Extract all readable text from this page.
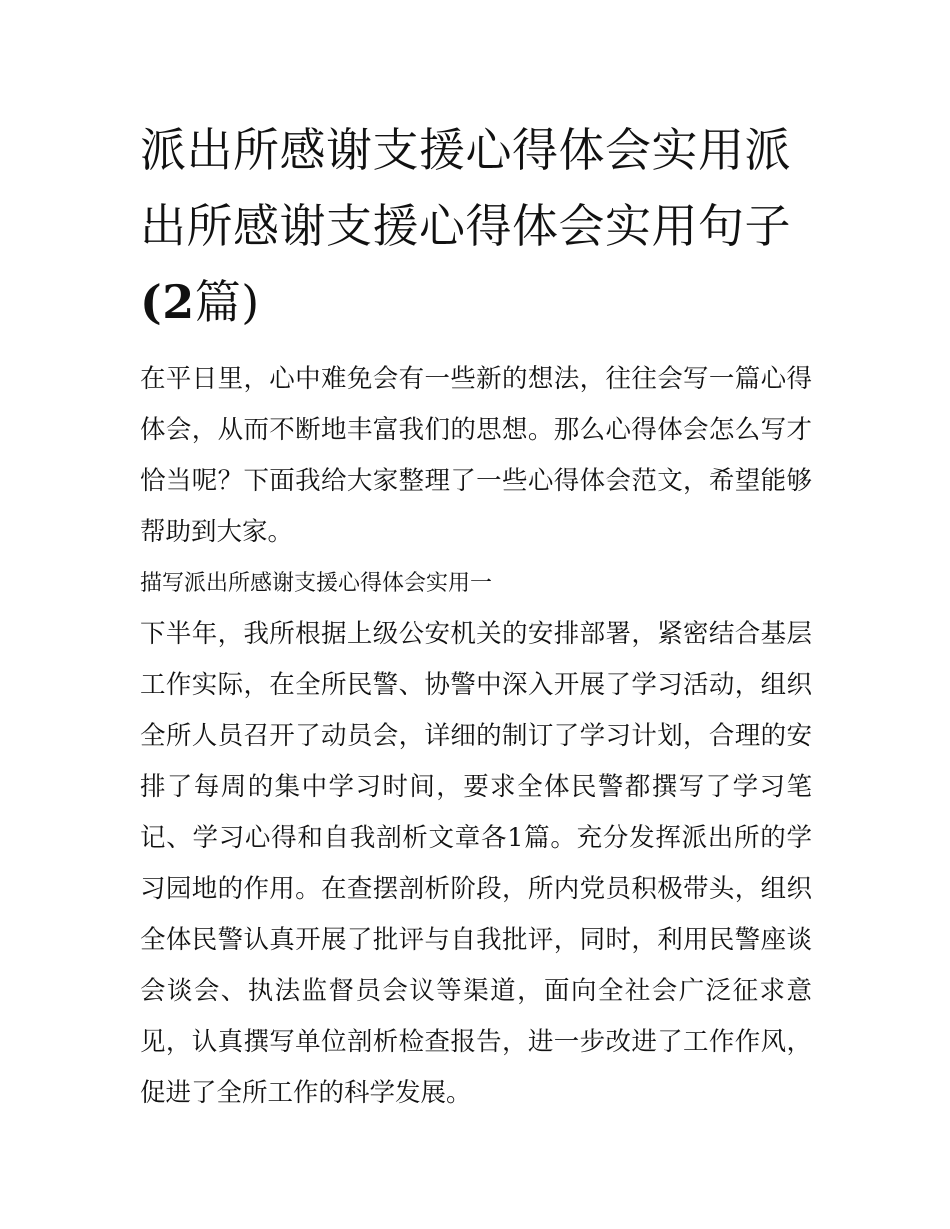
派出所感谢支援心得体会实用派出所感谢支援心得体会实用句子(2篇)

在平日里，心中难免会有一些新的想法，往往会写一篇心得体会，从而不断地丰富我们的思想。那么心得体会怎么写才恰当呢？下面我给大家整理了一些心得体会范文，希望能够帮助到大家。

描写派出所感谢支援心得体会实用一

下半年，我所根据上级公安机关的安排部署，紧密结合基层工作实际，在全所民警、协警中深入开展了学习活动，组织全所人员召开了动员会，详细的制订了学习计划，合理的安排了每周的集中学习时间，要求全体民警都撰写了学习笔记、学习心得和自我剖析文章各1篇。充分发挥派出所的学习园地的作用。在查摆剖析阶段，所内党员积极带头，组织全体民警认真开展了批评与自我批评，同时，利用民警座谈会谈会、执法监督员会议等渠道，面向全社会广泛征求意见，认真撰写单位剖析检查报告，进一步改进了工作作风，促进了全所工作的科学发展。
